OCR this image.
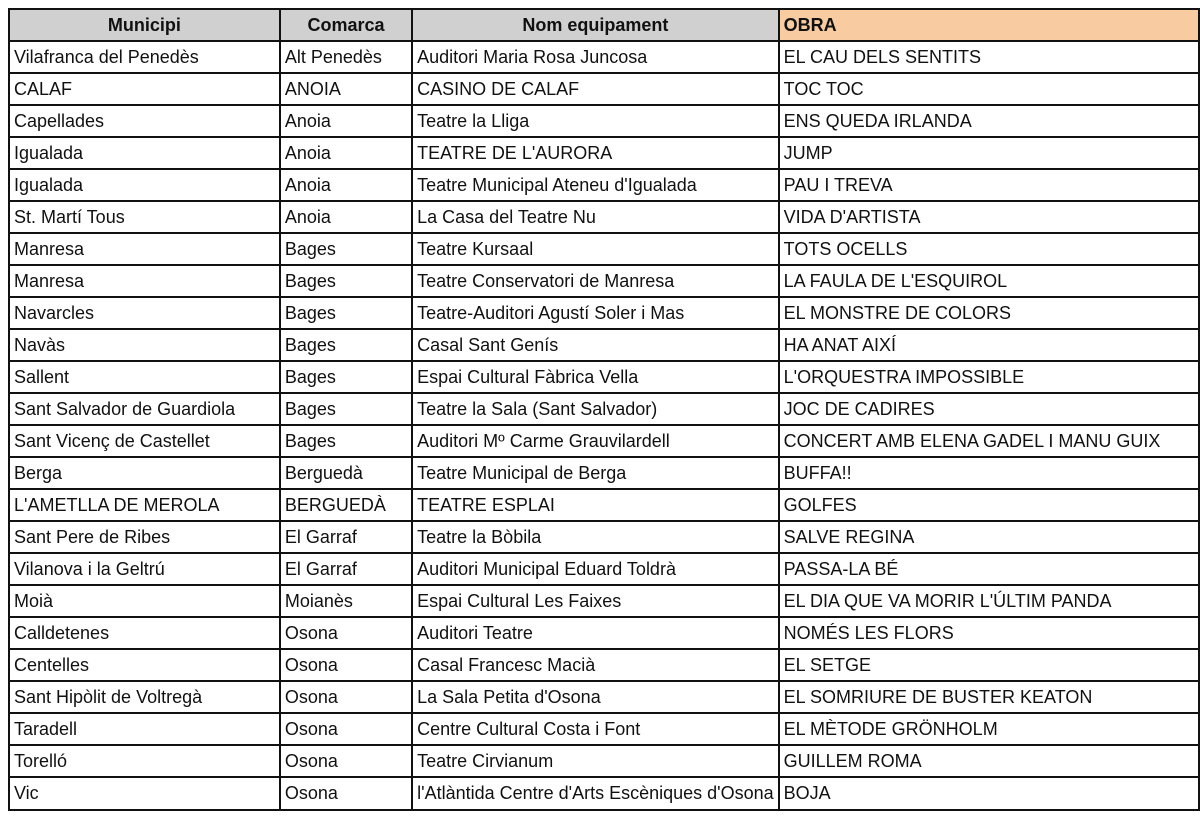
Municipi	Comarca	Nom equipament	OBRA
Vilafranca del Penedès	Alt Penedès	Auditori Maria Rosa Juncosa	EL CAU DELS SENTITS
CALAF	ANOIA	CASINO DE CALAF	TOC TOC
Capellades	Anoia	Teatre la Lliga	ENS QUEDA IRLANDA
Igualada	Anoia	TEATRE DE L'AURORA	JUMP
Igualada	Anoia	Teatre Municipal Ateneu d'Igualada	PAU I TREVA
St. Martí Tous	Anoia	La Casa del Teatre Nu	VIDA D'ARTISTA
Manresa	Bages	Teatre Kursaal	TOTS OCELLS
Manresa	Bages	Teatre Conservatori de Manresa	LA FAULA DE L'ESQUIROL
Navarcles	Bages	Teatre-Auditori Agustí Soler i Mas	EL MONSTRE DE COLORS
Navàs	Bages	Casal Sant Genís	HA ANAT AIXÍ
Sallent	Bages	Espai Cultural Fàbrica Vella	L'ORQUESTRA IMPOSSIBLE
Sant Salvador de Guardiola	Bages	Teatre la Sala (Sant Salvador)	JOC DE CADIRES
Sant Vicenç de Castellet	Bages	Auditori Mº Carme Grauvilardell	CONCERT AMB ELENA GADEL I MANU GUIX
Berga	Berguedà	Teatre Municipal de Berga	BUFFA!!
L'AMETLLA DE MEROLA	BERGUEDÀ	TEATRE ESPLAI	GOLFES
Sant Pere de Ribes	El Garraf	Teatre la Bòbila	SALVE REGINA
Vilanova i la Geltrú	El Garraf	Auditori Municipal Eduard Toldrà	PASSA-LA BÉ
Moià	Moianès	Espai Cultural Les Faixes	EL DIA QUE VA MORIR L'ÚLTIM PANDA
Calldetenes	Osona	Auditori Teatre	NOMÉS LES FLORS
Centelles	Osona	Casal Francesc Macià	EL SETGE
Sant Hipòlit de Voltregà	Osona	La Sala Petita d'Osona	EL SOMRIURE DE BUSTER KEATON
Taradell	Osona	Centre Cultural Costa i Font	EL MÈTODE GRÖNHOLM
Torelló	Osona	Teatre Cirvianum	GUILLEM ROMA
Vic	Osona	l'Atlàntida Centre d'Arts Escèniques d'Osona	BOJA
